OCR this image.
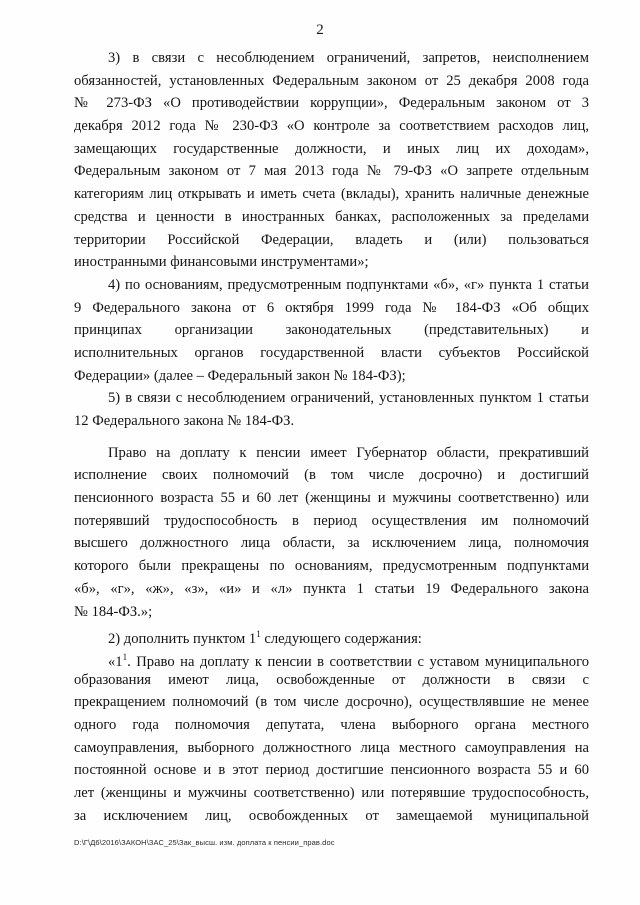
2
3) в связи с несоблюдением ограничений, запретов, неисполнением
обязанностей, установленных Федеральным законом от 25 декабря 2008 года
№ 273-ФЗ «О противодействии коррупции», Федеральным законом от 3
декабря 2012 года № 230-ФЗ «О контроле за соответствием расходов лиц,
замещающих государственные должности, и иных лиц их доходам»,
Федеральным законом от 7 мая 2013 года № 79-ФЗ «О запрете отдельным
категориям лиц открывать и иметь счета (вклады), хранить наличные денежные
средства и ценности в иностранных банках, расположенных за пределами
территории Российской Федерации, владеть и (или) пользоваться
иностранными финансовыми инструментами»;
4) по основаниям, предусмотренным подпунктами «б», «г» пункта 1 статьи
9 Федерального закона от 6 октября 1999 года № 184-ФЗ «Об общих
принципах организации законодательных (представительных) и
исполнительных органов государственной власти субъектов Российской
Федерации» (далее – Федеральный закон № 184-ФЗ);
5) в связи с несоблюдением ограничений, установленных пунктом 1 статьи
12 Федерального закона № 184-ФЗ.
Право на доплату к пенсии имеет Губернатор области, прекративший
исполнение своих полномочий (в том числе досрочно) и достигший
пенсионного возраста 55 и 60 лет (женщины и мужчины соответственно) или
потерявший трудоспособность в период осуществления им полномочий
высшего должностного лица области, за исключением лица, полномочия
которого были прекращены по основаниям, предусмотренным подпунктами
«б», «г», «ж», «з», «и» и «л» пункта 1 статьи 19 Федерального закона
№ 184-ФЗ.»;
2) дополнить пунктом $1^1$ следующего содержания:
«$1^1$. Право на доплату к пенсии в соответствии с уставом муниципального
образования имеют лица, освобожденные от должности в связи с
прекращением полномочий (в том числе досрочно), осуществлявшие не менее
одного года полномочия депутата, члена выборного органа местного
самоуправления, выборного должностного лица местного самоуправления на
постоянной основе и в этот период достигшие пенсионного возраста 55 и 60
лет (женщины и мужчины соответственно) или потерявшие трудоспособность,
за исключением лиц, освобожденных от замещаемой муниципальной
D:\Г\Д6\2016\ЗАКОН\ЗАС_25\Зак_высш. изм. доплата к пенсии_прав.doc
